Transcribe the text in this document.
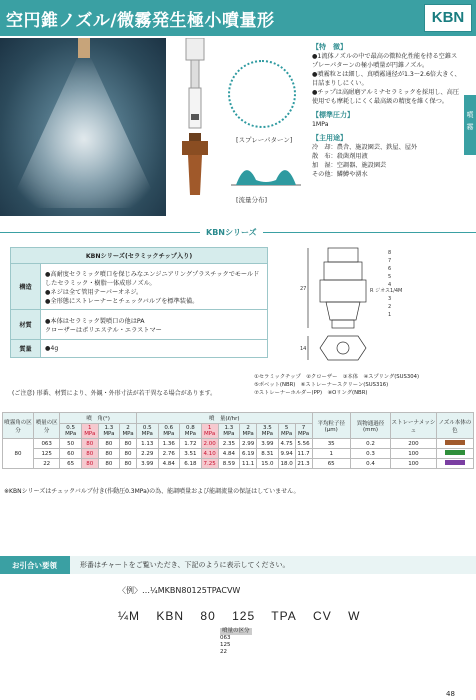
空円錐ノズル/微霧発生極小噴量形	KBN
[スプレーパターン]
[流量分布]
【特　徴】
●1流体ノズルの中で最高の微粒化性能を持る空錐スプレーパターンの極小噴量が円錐ノズル。
●噴霧粒とは細し、真噴霧通径が1.3～2.6倍大きく、目詰まりしにくい。
●チップは高耐磨アルミナセラミックを採用し、高圧使用でも摩耗しにくく最高級の精度を維く保つ。
【標準圧力】
1MPa
【主用途】
冷　却：農舎、施設園芸、鉄屋、屋外
散　布：殺菌剤用液
加　湿：空調器、施設園芸
その他：鱗鱒や湧水
噴
霧
KBNシリーズ
KBNシリーズ(セラミックチップ入り)	
構造	●高耐度セラミック噴口を保じみなエンジニアリングプラスチックでモールドしたセラミック・樹脂一体成形ノズル。
●ネジは全て管用テーパーオネジ。
●全形態にストレーナーとチェックバルブを標準装備。
材質	●本体はセラミック製噴口の他はPA
クローザーはポリエステル・エラストマー
質量	●4g
(ご注意) 形番、材質により、外観・外形寸法が若干異なる場合があります。
27
14
R ジオス1/4M
8
7
6
5
4
3
2
1
①セラミックチップ　②クローザー　③本体　④スプリング(SUS304)
⑤ボベット(NBR)　⑥ストレーナースクリーン(SUS316)
⑦ストレーナーホルダー(PP)　⑧Oリング(NBR)
噴霧角の区分	噴量の区分	噴　角(°)				噴　量(ℓ/hr)									平均粒子径(μm)	異物通過径(mm)	ストレーナメッシュ	ノズル本体の色
		0.5 MPa	1 MPa	1.3 MPa	2 MPa	0.5 MPa	0.6 MPa	0.8 MPa	1 MPa	1.3 MPa	2 MPa	3.5 MPa	5 MPa	7 MPa				
80	063	50	80	80	80	1.13	1.36	1.72	2.00	2.35	2.99	3.99	4.75	5.56	35	0.2	200	
	125	60	80	80	80	2.29	2.76	3.51	4.10	4.84	6.19	8.31	9.94	11.7	1	0.3	100	
	22	65	80	80	80	3.99	4.84	6.18	7.25	8.59	11.1	15.0	18.0	21.3	65	0.4	100	
※KBNシリーズはチェックバルブ付き(作動圧0.3MPa)の為、能調噴量および能調流量の保証はしていません。
お引合い要領	形番はチャートをご覧いただき、下記のように表示してください。
〈例〉…¼MKBN80125TPACVW
¼M KBN 80 125 TPA CV W
噴量の区分
063
125
22
48
